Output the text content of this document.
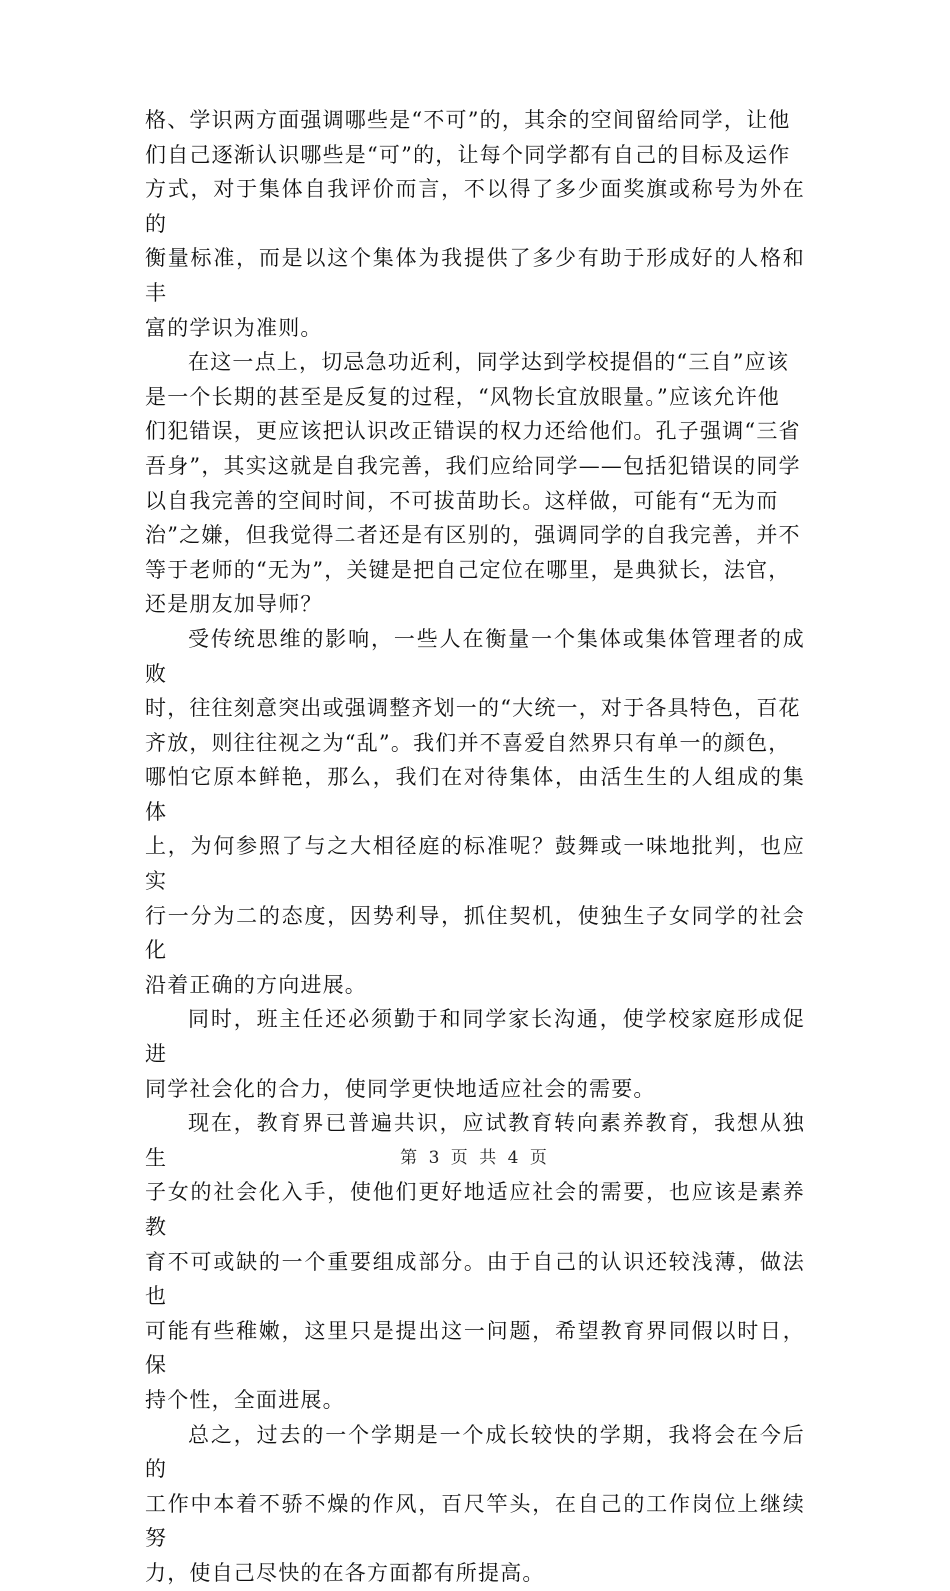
格、学识两方面强调哪些是“不可”的，其余的空间留给同学，让他
们自己逐渐认识哪些是“可”的，让每个同学都有自己的目标及运作
方式，对于集体自我评价而言，不以得了多少面奖旗或称号为外在的
衡量标准，而是以这个集体为我提供了多少有助于形成好的人格和丰
富的学识为准则。

在这一点上，切忌急功近利，同学达到学校提倡的“三自”应该
是一个长期的甚至是反复的过程，“风物长宜放眼量。”应该允许他
们犯错误，更应该把认识改正错误的权力还给他们。孔子强调“三省
吾身”，其实这就是自我完善，我们应给同学——包括犯错误的同学
以自我完善的空间时间，不可拔苗助长。这样做，可能有“无为而
治”之嫌，但我觉得二者还是有区别的，强调同学的自我完善，并不
等于老师的“无为”，关键是把自己定位在哪里，是典狱长，法官，
还是朋友加导师？

受传统思维的影响，一些人在衡量一个集体或集体管理者的成败
时，往往刻意突出或强调整齐划一的“大统一，对于各具特色，百花
齐放，则往往视之为“乱”。我们并不喜爱自然界只有单一的颜色，
哪怕它原本鲜艳，那么，我们在对待集体，由活生生的人组成的集体
上，为何参照了与之大相径庭的标准呢？鼓舞或一味地批判，也应实
行一分为二的态度，因势利导，抓住契机，使独生子女同学的社会化
沿着正确的方向进展。

同时，班主任还必须勤于和同学家长沟通，使学校家庭形成促进
同学社会化的合力，使同学更快地适应社会的需要。

现在，教育界已普遍共识，应试教育转向素养教育，我想从独生
子女的社会化入手，使他们更好地适应社会的需要，也应该是素养教
育不可或缺的一个重要组成部分。由于自己的认识还较浅薄，做法也
可能有些稚嫩，这里只是提出这一问题，希望教育界同假以时日，保
持个性，全面进展。

总之，过去的一个学期是一个成长较快的学期，我将会在今后的
工作中本着不骄不燥的作风，百尺竿头，在自己的工作岗位上继续努
力，使自己尽快的在各方面都有所提高。

第 3 页 共 4 页
